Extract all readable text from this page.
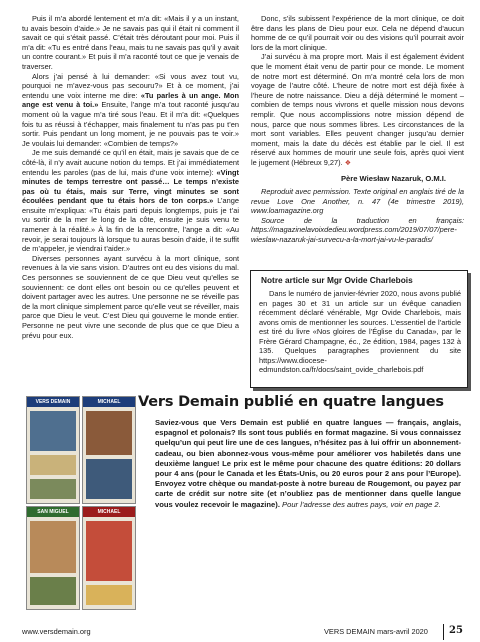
Puis il m’a abordé lentement et m’a dit: «Mais il y a un instant, tu avais besoin d’aide.» Je ne savais pas qui il était ni comment il savait ce qui s’était passé. C’était très déroutant pour moi. Puis il m’a dit: «Tu es entré dans l’eau, mais tu ne savais pas qu’il y avait un contre courant.» Et puis il m’a raconté tout ce que je venais de traverser.

Alors j’ai pensé à lui demander: «Si vous avez tout vu, pourquoi ne m’avez-vous pas secouru?» Et à ce moment, j’ai entendu une voix interne me dire: «Tu parles à un ange. Mon ange est venu à toi.» Ensuite, l’ange m’a tout raconté jusqu’au moment où la vague m’a tiré sous l’eau. Et il m’a dit: «Quelques fois tu as réussi à t’échapper, mais finalement tu n’as pas pu t’en sortir. Puis pendant un long moment, je ne pouvais pas te voir.» Je voulais lui demander: «Combien de temps?»

Je me suis demandé ce qu’il en était, mais je savais que de ce côté-là, il n’y avait aucune notion du temps. Et j’ai immédiatement entendu les paroles (pas de lui, mais d’une voix interne): «Vingt minutes de temps terrestre ont passé… Le temps n’existe pas où tu étais, mais sur Terre, vingt minutes se sont écoulées pendant que tu étais hors de ton corps.» L’ange ensuite m’expliqua: «Tu étais parti depuis longtemps, puis je t’ai vu sortir de la mer le long de la côte, ensuite je suis venu te ramener à la réalité.» À la fin de la rencontre, l’ange a dit: «Au revoir, je serai toujours là lorsque tu auras besoin d’aide, il te suffit de m’appeler, je viendrai t’aider.»

Diverses personnes ayant survécu à la mort clinique, sont revenues à la vie sans vision. D’autres ont eu des visions du mal. Ces personnes se souviennent de ce que Dieu veut qu’elles se souviennent: ce dont elles ont besoin ou ce qu’elles peuvent et doivent partager avec les autres. Une personne ne se réveille pas de la mort clinique simplement parce qu’elle veut se réveiller, mais parce que Dieu le veut. C’est Dieu qui gouverne le monde entier. Personne ne peut vivre une seconde de plus que ce que Dieu a prévu pour eux.

Donc, s’ils subissent l’expérience de la mort clinique, ce doit être dans les plans de Dieu pour eux. Cela ne dépend d’aucun homme de ce qu’il pourrait voir ou des visions qu’il pourrait avoir lors de la mort clinique.

J’ai survécu à ma propre mort. Mais il est également évident que le moment était venu de partir pour ce monde. Le moment de notre mort est déterminé. On m’a montré cela lors de mon voyage de l’autre côté. L’heure de notre mort est déjà fixée à l’heure de notre naissance. Dieu a déjà déterminé le moment – combien de temps nous vivrons et quelle mission nous devons remplir. Que nous accomplissions notre mission dépend de nous, parce que nous sommes libres. Les circonstances de la mort sont variables. Elles peuvent changer jusqu’au dernier moment, mais la date du décès est établie par le ciel. Il est réservé aux hommes de mourir une seule fois, après quoi vient le jugement (Hébreux 9,27). ❖

Père Wiesław Nazaruk, O.M.I.

Reproduit avec permission. Texte original en anglais tiré de la revue Love One Another, n. 47 (4e trimestre 2019), www.loamagazine.org

Source de la traduction en français: https://magazinelavoixdedieu.wordpress.com/2019/07/07/pere-wieslaw-nazaruk-jai-survecu-a-la-mort-jai-vu-le-paradis/

Notre article sur Mgr Ovide Charlebois

Dans le numéro de janvier-février 2020, nous avons publié en pages 30 et 31 un article sur un évêque canadien récemment déclaré vénérable, Mgr Ovide Charlebois, mais avons omis de mentionner les sources. L’essentiel de l’article est tiré du livre «Nos gloires de l’Église du Canada», par le Frère Gérard Champagne, éc., 2e édition, 1984, pages 132 à 135. Quelques paragraphes proviennent du site https://www.diocese-edmundston.ca/fr/docs/saint_ovide_charlebois.pdf

VERS DEMAIN	MICHAEL
SAN MIGUEL	MICHAEL
Vers Demain publié en quatre langues
Saviez-vous que Vers Demain est publié en quatre langues — français, anglais, espagnol et polonais? Ils sont tous publiés en format magazine. Si vous connaissez quelqu’un qui peut lire une de ces langues, n’hésitez pas à lui offrir un abonnement-cadeau, ou bien abonnez-vous vous-même pour améliorer vos habiletés dans une deuxième langue! Le prix est le même pour chacune des quatre éditions: 20 dollars pour 4 ans (pour le Canada et les États-Unis, ou 20 euros pour 2 ans pour l’Europe). Envoyez votre chèque ou mandat-poste à notre bureau de Rougemont, ou payez par carte de crédit sur notre site (et n’oubliez pas de mentionner dans quelle langue vous voulez recevoir le magazine). Pour l’adresse des autres pays, voir en page 2.
www.versdemain.org	VERS DEMAIN mars-avril 2020 25
